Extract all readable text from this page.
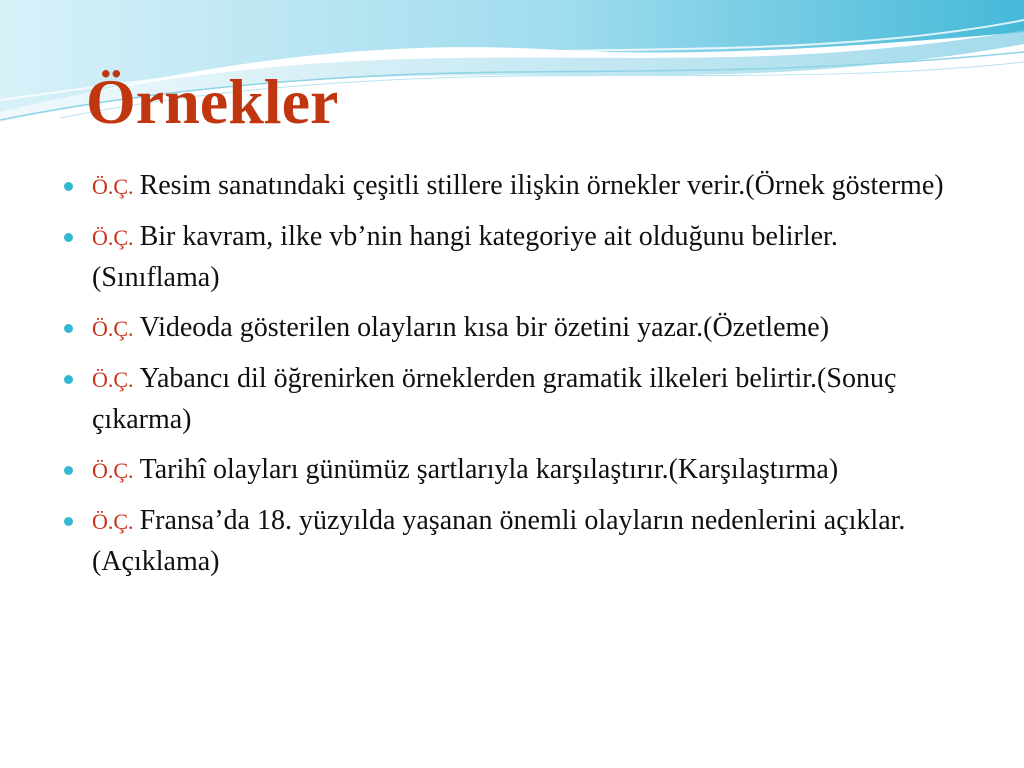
Örnekler
Ö.Ç. Resim sanatındaki çeşitli stillere ilişkin örnekler verir.(Örnek gösterme)
Ö.Ç. Bir kavram, ilke vb’nin hangi kategoriye ait olduğunu belirler.(Sınıflama)
Ö.Ç. Videoda gösterilen olayların kısa bir özetini yazar.(Özetleme)
Ö.Ç. Yabancı dil öğrenirken örneklerden gramatik ilkeleri belirtir.(Sonuç çıkarma)
Ö.Ç. Tarihî olayları günümüz şartlarıyla karşılaştırır.(Karşılaştırma)
Ö.Ç. Fransa’da 18. yüzyılda yaşanan önemli olayların nedenlerini açıklar.(Açıklama)
